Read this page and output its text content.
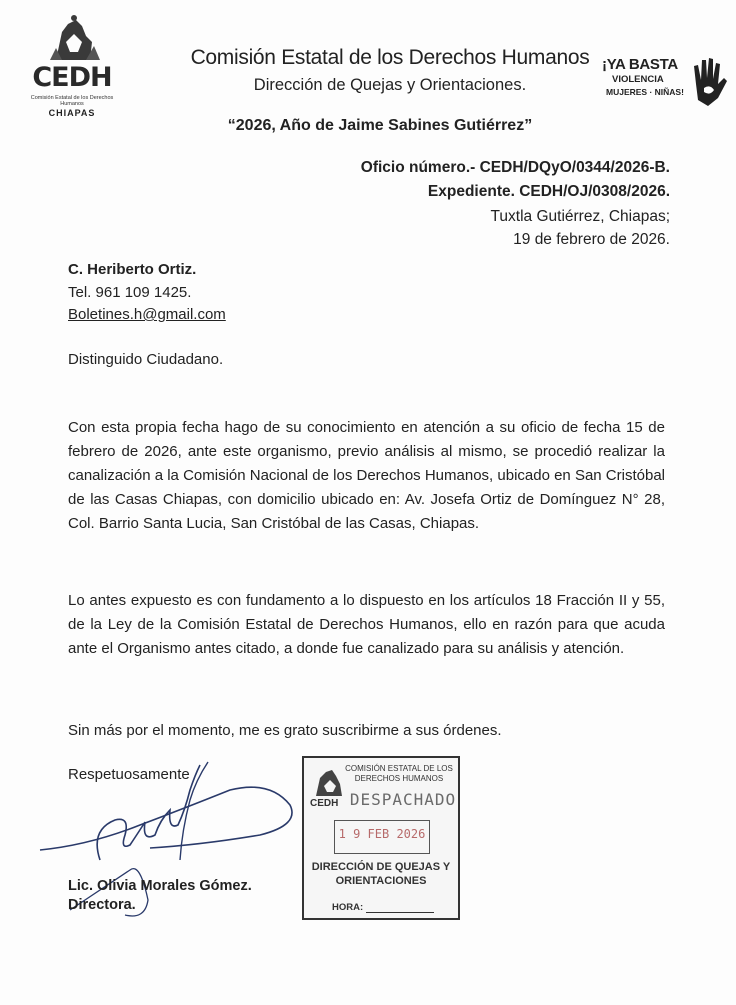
CEDH
Comisión Estatal de los Derechos Humanos
CHIAPAS
Comisión Estatal de los Derechos Humanos
Dirección de Quejas y Orientaciones.
¡YA BASTA
VIOLENCIA
MUJERES · NIÑAS!
“2026, Año de Jaime Sabines Gutiérrez”
Oficio número.- CEDH/DQyO/0344/2026-B.
Expediente. CEDH/OJ/0308/2026.
Tuxtla Gutiérrez, Chiapas;
19 de febrero de 2026.
C. Heriberto Ortiz.
Tel. 961 109 1425.
Boletines.h@gmail.com
Distinguido Ciudadano.
Con esta propia fecha hago de su conocimiento en atención a su oficio de fecha 15 de febrero de 2026, ante este organismo, previo análisis al mismo, se procedió realizar la canalización a la Comisión Nacional de los Derechos Humanos, ubicado en San Cristóbal de las Casas Chiapas, con domicilio ubicado en: Av. Josefa Ortiz de Domínguez N° 28, Col. Barrio Santa Lucia, San Cristóbal de las Casas, Chiapas.
Lo antes expuesto es con fundamento a lo dispuesto en los artículos 18 Fracción II y 55, de la Ley de la Comisión Estatal de Derechos Humanos, ello en razón para que acuda ante el Organismo antes citado, a donde fue canalizado para su análisis y atención.
Sin más por el momento, me es grato suscribirme a sus órdenes.
Respetuosamente
Lic. Olivia Morales Gómez.
Directora.
CEDH
COMISIÓN ESTATAL DE LOS DERECHOS HUMANOS
DESPACHADO
1 9 FEB 2026
DIRECCIÓN DE QUEJAS Y ORIENTACIONES
HORA:
